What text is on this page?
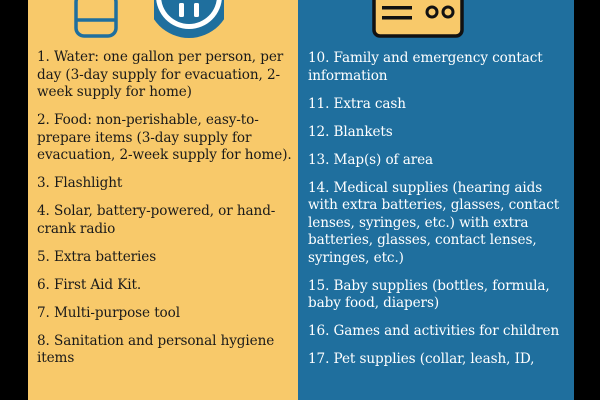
1. Water: one gallon per person, per day (3-day supply for evacuation, 2-week supply for home)
2. Food: non-perishable, easy-to-prepare items (3-day supply for evacuation, 2-week supply for home).
3. Flashlight
4. Solar, battery-powered, or hand-crank radio
5. Extra batteries
6. First Aid Kit.
7. Multi-purpose tool
8. Sanitation and personal hygiene items
10. Family and emergency contact information
11. Extra cash
12. Blankets
13. Map(s) of area
14. Medical supplies (hearing aids with extra batteries, glasses, contact lenses, syringes, etc.) with extra batteries, glasses, contact lenses, syringes, etc.)
15. Baby supplies (bottles, formula, baby food, diapers)
16. Games and activities for children
17. Pet supplies (collar, leash, ID,
